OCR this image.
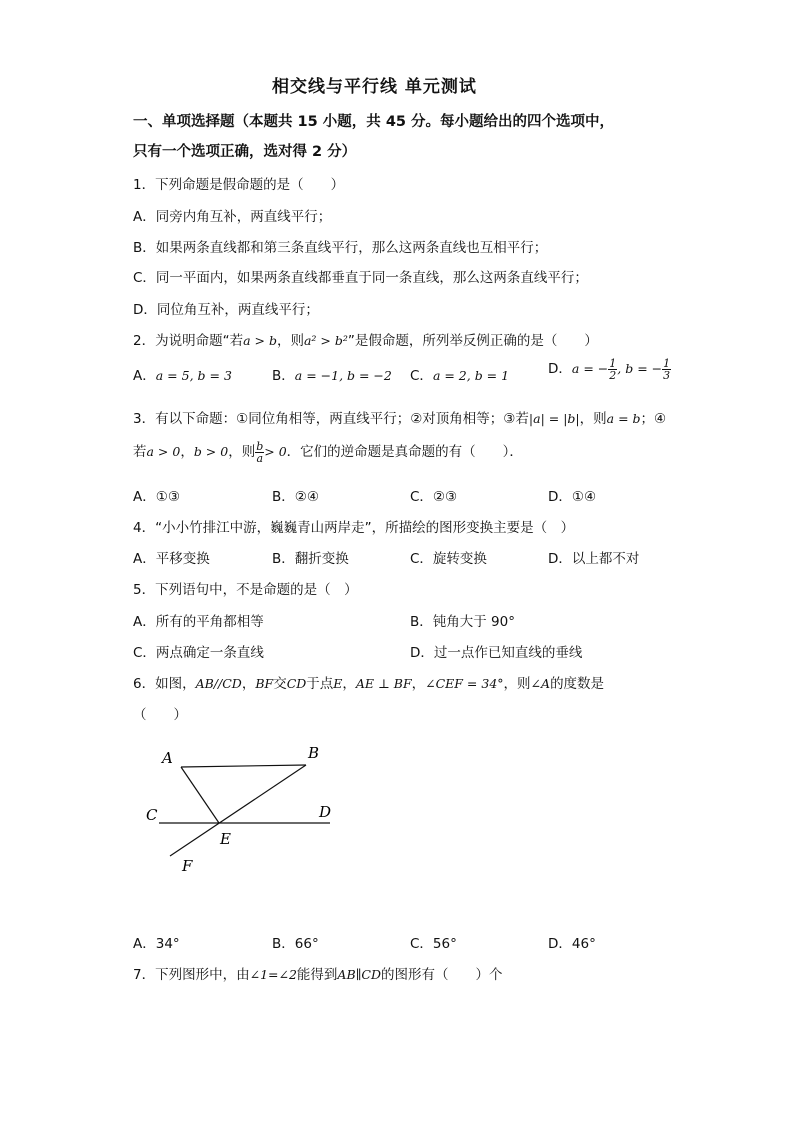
相交线与平行线 单元测试
一、单项选择题（本题共 15 小题，共 45 分。每小题给出的四个选项中，
只有一个选项正确，选对得 2 分）
1．下列命题是假命题的是（　　）
A．同旁内角互补，两直线平行；
B．如果两条直线都和第三条直线平行，那么这两条直线也互相平行；
C．同一平面内，如果两条直线都垂直于同一条直线，那么这两条直线平行；
D．同位角互补，两直线平行；
2．为说明命题“若a > b，则a² > b²”是假命题，所列举反例正确的是（　　）
A．a = 5, b = 3	B．a = −1, b = −2 C．a = 2, b = 1	D．a = − $\frac{1}{2}$ , b = − $\frac{1}{3}$
3．有以下命题：①同位角相等，两直线平行；②对顶角相等；③若|a| = |b|，则a = b；④
若a > 0，b > 0，则 $\frac{b}{a} > 0$．它们的逆命题是真命题的有（　　）．
A．①③	B．②④	C．②③	D．①④
4．“小小竹排江中游，巍巍青山两岸走”，所描绘的图形变换主要是（　）
A．平移变换	B．翻折变换	C．旋转变换	D．以上都不对
5．下列语句中，不是命题的是（　）
A．所有的平角都相等	B．钝角大于 90°
C．两点确定一条直线	D．过一点作已知直线的垂线
6．如图，AB//CD，BF交CD于点E，AE ⊥ BF，∠CEF = 34°，则∠A的度数是
（　　）
A	B
C	D
E
F
A．34°	B．66°	C．56°	D．46°
7．下列图形中，由∠1=∠2能得到AB∥CD的图形有（　　）个
